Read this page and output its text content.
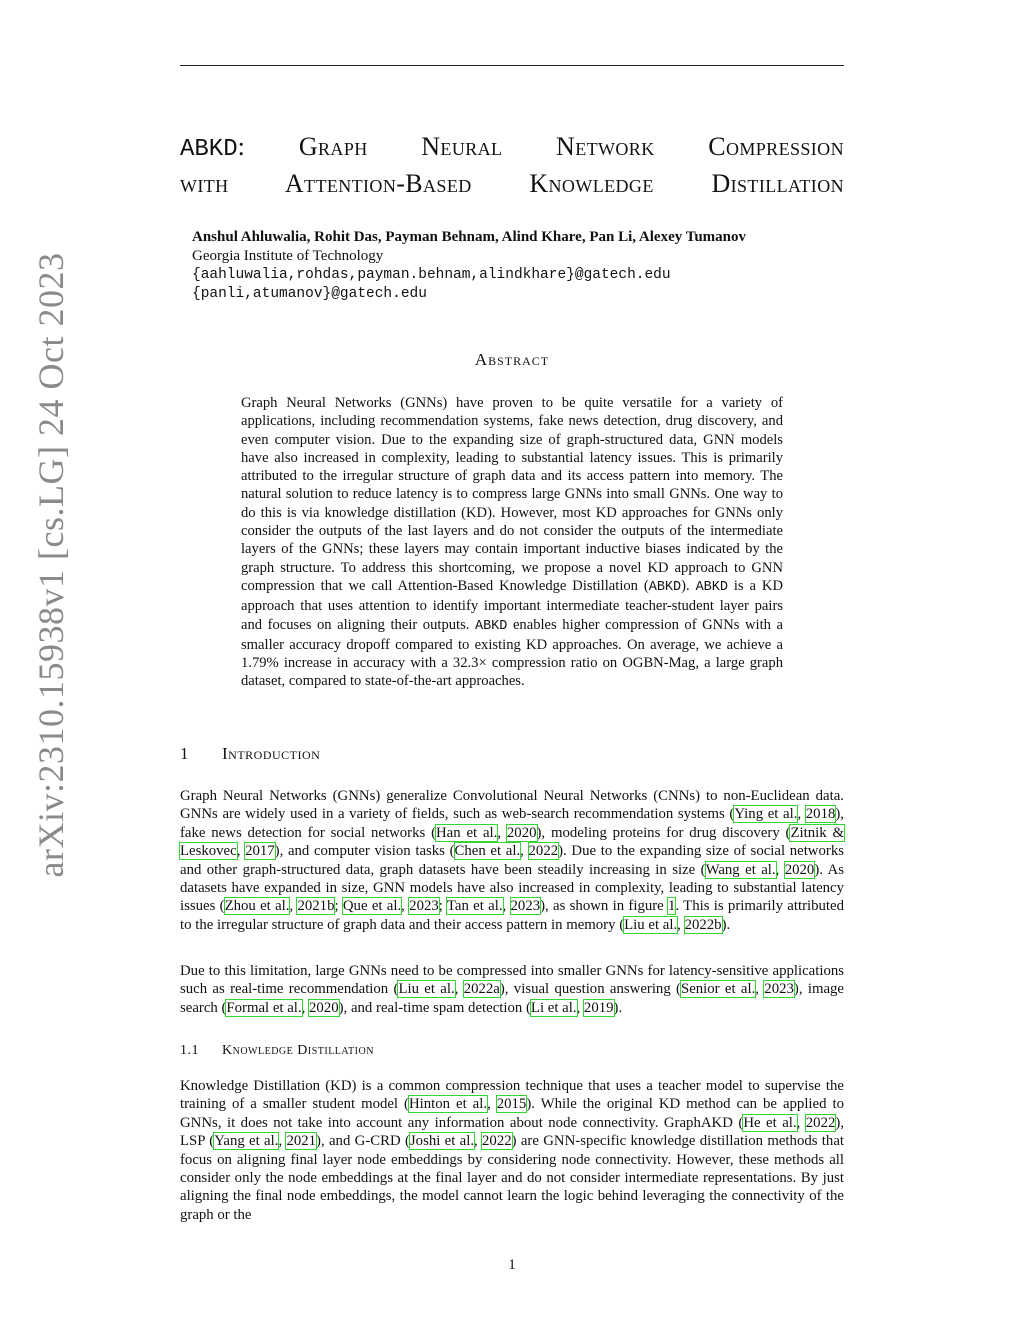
arXiv:2310.15938v1 [cs.LG] 24 Oct 2023
ABKD: Graph Neural Network Compression
with Attention-Based Knowledge Distillation
Anshul Ahluwalia, Rohit Das, Payman Behnam, Alind Khare, Pan Li, Alexey Tumanov
Georgia Institute of Technology
{aahluwalia,rohdas,payman.behnam,alindkhare}@gatech.edu
{panli,atumanov}@gatech.edu
Abstract
Graph Neural Networks (GNNs) have proven to be quite versatile for a variety of applications, including recommendation systems, fake news detection, drug discovery, and even computer vision. Due to the expanding size of graph-structured data, GNN models have also increased in complexity, leading to substantial latency issues. This is primarily attributed to the irregular structure of graph data and its access pattern into memory. The natural solution to reduce latency is to compress large GNNs into small GNNs. One way to do this is via knowledge distillation (KD). However, most KD approaches for GNNs only consider the outputs of the last layers and do not consider the outputs of the intermediate layers of the GNNs; these layers may contain important inductive biases indicated by the graph structure. To address this shortcoming, we propose a novel KD approach to GNN compression that we call Attention-Based Knowledge Distillation (ABKD). ABKD is a KD approach that uses attention to identify important intermediate teacher-student layer pairs and focuses on aligning their outputs. ABKD enables higher compression of GNNs with a smaller accuracy dropoff compared to existing KD approaches. On average, we achieve a 1.79% increase in accuracy with a 32.3× compression ratio on OGBN-Mag, a large graph dataset, compared to state-of-the-art approaches.
1 Introduction
Graph Neural Networks (GNNs) generalize Convolutional Neural Networks (CNNs) to non-Euclidean data. GNNs are widely used in a variety of fields, such as web-search recommendation systems (Ying et al., 2018), fake news detection for social networks (Han et al., 2020), modeling proteins for drug discovery (Zitnik & Leskovec, 2017), and computer vision tasks (Chen et al., 2022). Due to the expanding size of social networks and other graph-structured data, graph datasets have been steadily increasing in size (Wang et al., 2020). As datasets have expanded in size, GNN models have also increased in complexity, leading to substantial latency issues (Zhou et al., 2021b; Que et al., 2023; Tan et al., 2023), as shown in figure 1. This is primarily attributed to the irregular structure of graph data and their access pattern in memory (Liu et al., 2022b).
Due to this limitation, large GNNs need to be compressed into smaller GNNs for latency-sensitive applications such as real-time recommendation (Liu et al., 2022a), visual question answering (Senior et al., 2023), image search (Formal et al., 2020), and real-time spam detection (Li et al., 2019).
1.1 Knowledge Distillation
Knowledge Distillation (KD) is a common compression technique that uses a teacher model to supervise the training of a smaller student model (Hinton et al., 2015). While the original KD method can be applied to GNNs, it does not take into account any information about node connectivity. GraphAKD (He et al., 2022), LSP (Yang et al., 2021), and G-CRD (Joshi et al., 2022) are GNN-specific knowledge distillation methods that focus on aligning final layer node embeddings by considering node connectivity. However, these methods all consider only the node embeddings at the final layer and do not consider intermediate representations. By just aligning the final node embeddings, the model cannot learn the logic behind leveraging the connectivity of the graph or the
1
